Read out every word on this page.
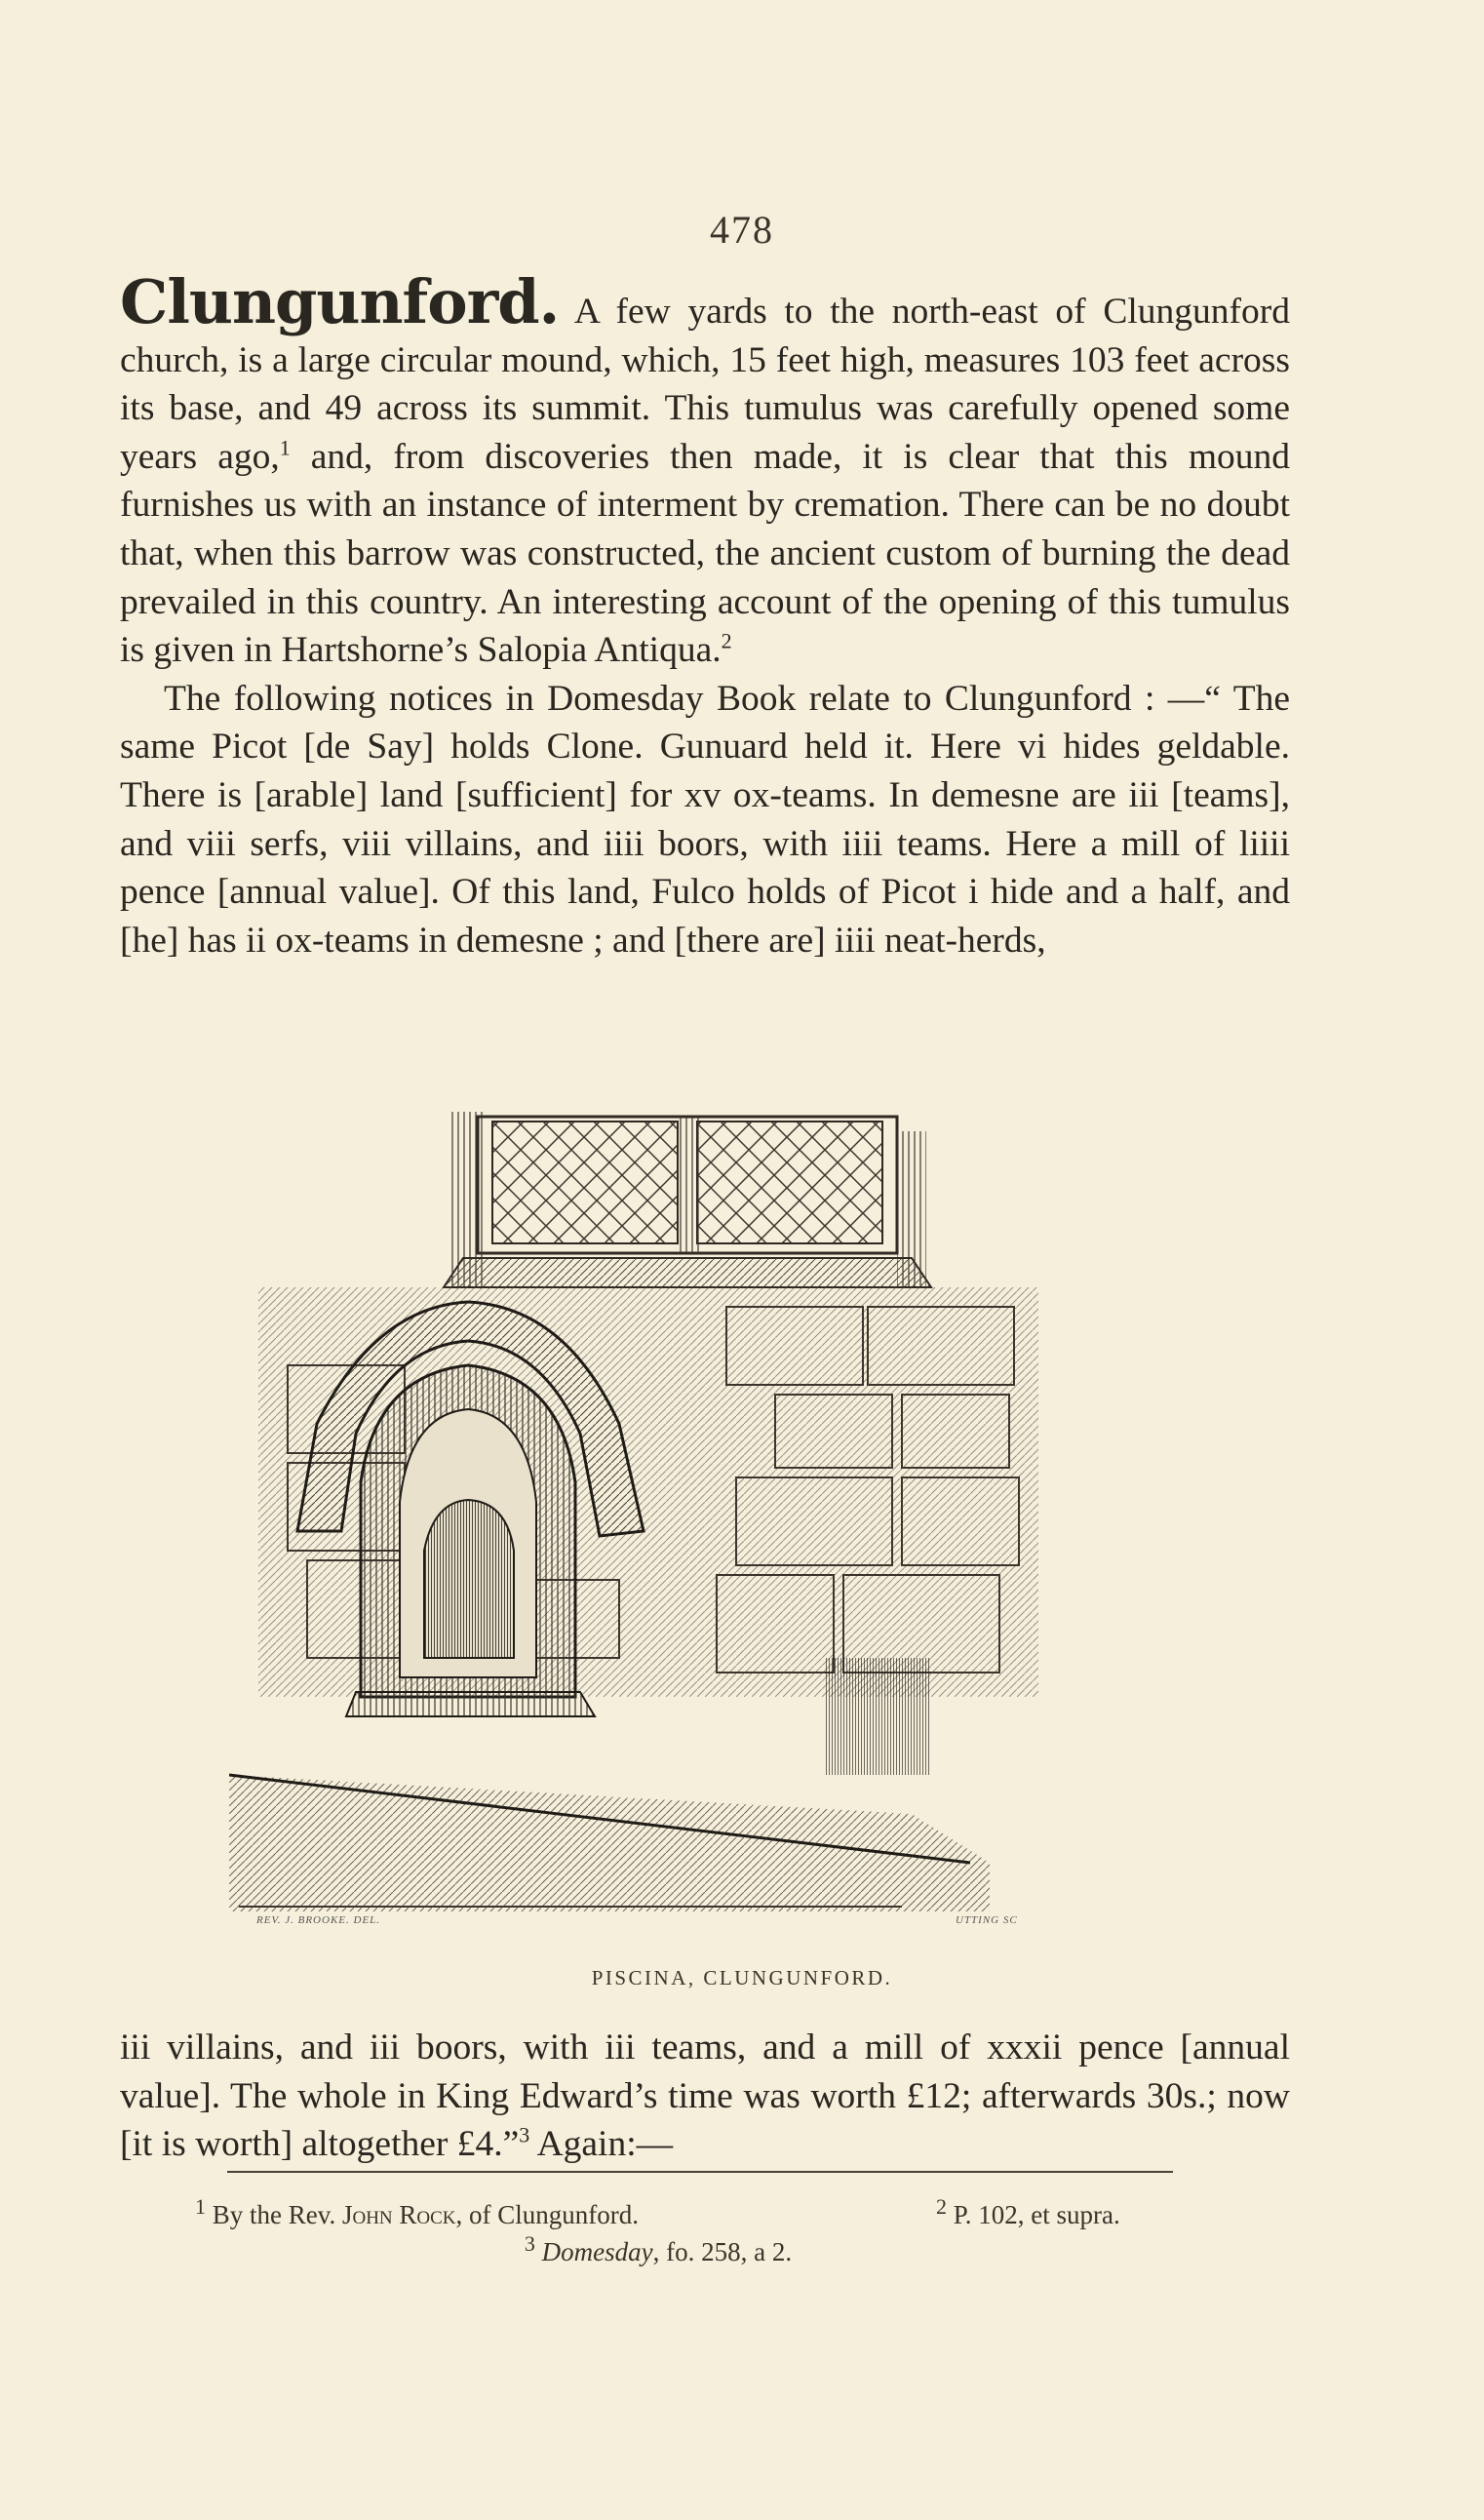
478

Clungunford. A few yards to the north-east of Clungunford church, is a large circular mound, which, 15 feet high, measures 103 feet across its base, and 49 across its summit. This tumulus was carefully opened some years ago,$^1$ and, from discoveries then made, it is clear that this mound furnishes us with an instance of interment by cremation. There can be no doubt that, when this barrow was constructed, the ancient custom of burning the dead prevailed in this country. An interesting account of the opening of this tumulus is given in Hartshorne’s Salopia Antiqua.$^2$

The following notices in Domesday Book relate to Clungunford : —“ The same Picot [de Say] holds Clone. Gunuard held it. Here vi hides geldable. There is [arable] land [sufficient] for xv ox-teams. In demesne are iii [teams], and viii serfs, viii villains, and iiii boors, with iiii teams. Here a mill of liiii pence [annual value]. Of this land, Fulco holds of Picot i hide and a half, and [he] has ii ox-teams in demesne ; and [there are] iiii neat-herds,

REV. J. BROOKE. DEL.	UTTING SC
PISCINA, CLUNGUNFORD.

iii villains, and iii boors, with iii teams, and a mill of xxxii pence [annual value]. The whole in King Edward’s time was worth £12; afterwards 30s.; now [it is worth] altogether £4.”$^3$ Again:—

$^1$ By the Rev. John Rock, of Clungunford.	$^2$ P. 102, et supra.
$^3$ Domesday, fo. 258, a 2.
